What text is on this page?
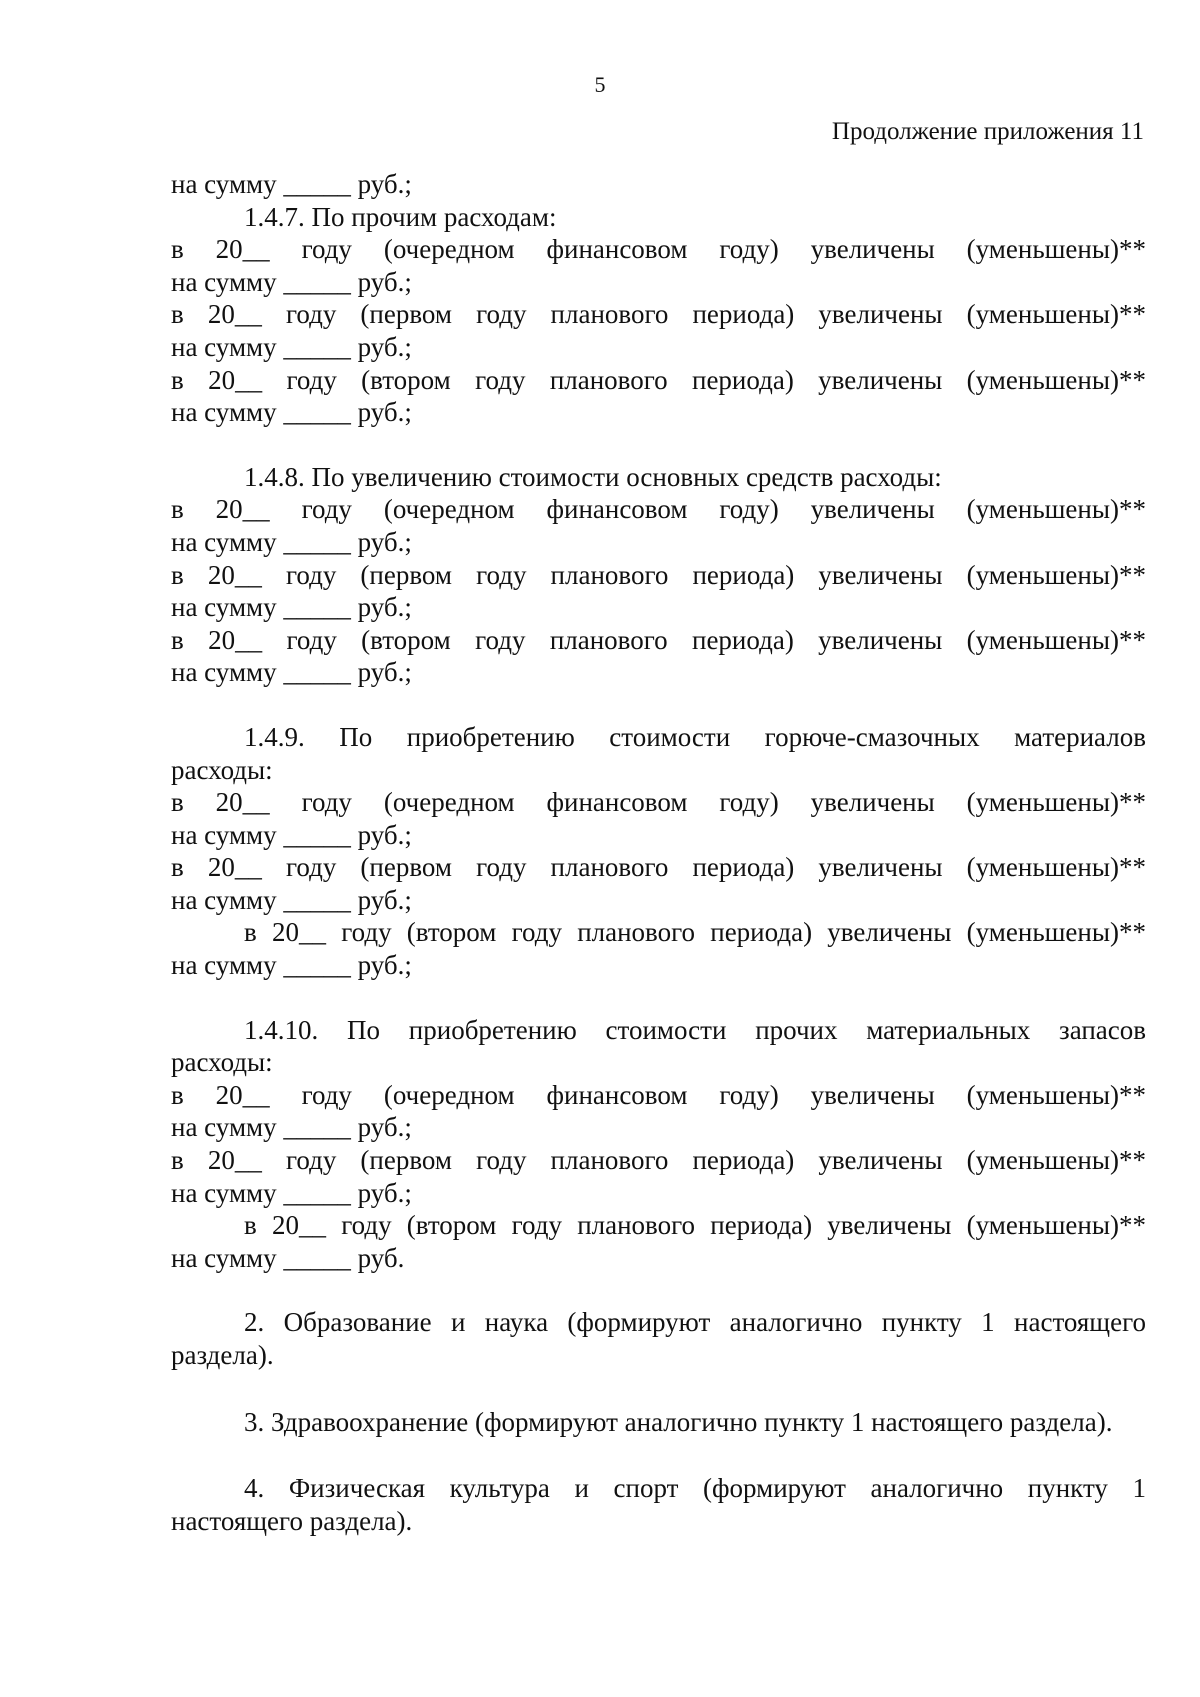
5
Продолжение приложения 11
на сумму _____ руб.;
1.4.7. По прочим расходам:
в 20__ году (очередном финансовом году) увеличены (уменьшены)**
на сумму _____ руб.;
в 20__ году (первом году планового периода) увеличены (уменьшены)**
на сумму _____ руб.;
в 20__ году (втором году планового периода) увеличены (уменьшены)**
на сумму _____ руб.;
1.4.8. По увеличению стоимости основных средств расходы:
в 20__ году (очередном финансовом году) увеличены (уменьшены)**
на сумму _____ руб.;
в 20__ году (первом году планового периода) увеличены (уменьшены)**
на сумму _____ руб.;
в 20__ году (втором году планового периода) увеличены (уменьшены)**
на сумму _____ руб.;
1.4.9. По приобретению стоимости горюче-смазочных материалов
расходы:
в 20__ году (очередном финансовом году) увеличены (уменьшены)**
на сумму _____ руб.;
в 20__ году (первом году планового периода) увеличены (уменьшены)**
на сумму _____ руб.;
в 20__ году (втором году планового периода) увеличены (уменьшены)**
на сумму _____ руб.;
1.4.10. По приобретению стоимости прочих материальных запасов
расходы:
в 20__ году (очередном финансовом году) увеличены (уменьшены)**
на сумму _____ руб.;
в 20__ году (первом году планового периода) увеличены (уменьшены)**
на сумму _____ руб.;
в 20__ году (втором году планового периода) увеличены (уменьшены)**
на сумму _____ руб.
2. Образование и наука (формируют аналогично пункту 1 настоящего
раздела).
3. Здравоохранение (формируют аналогично пункту 1 настоящего раздела).
4. Физическая культура и спорт (формируют аналогично пункту 1
настоящего раздела).
